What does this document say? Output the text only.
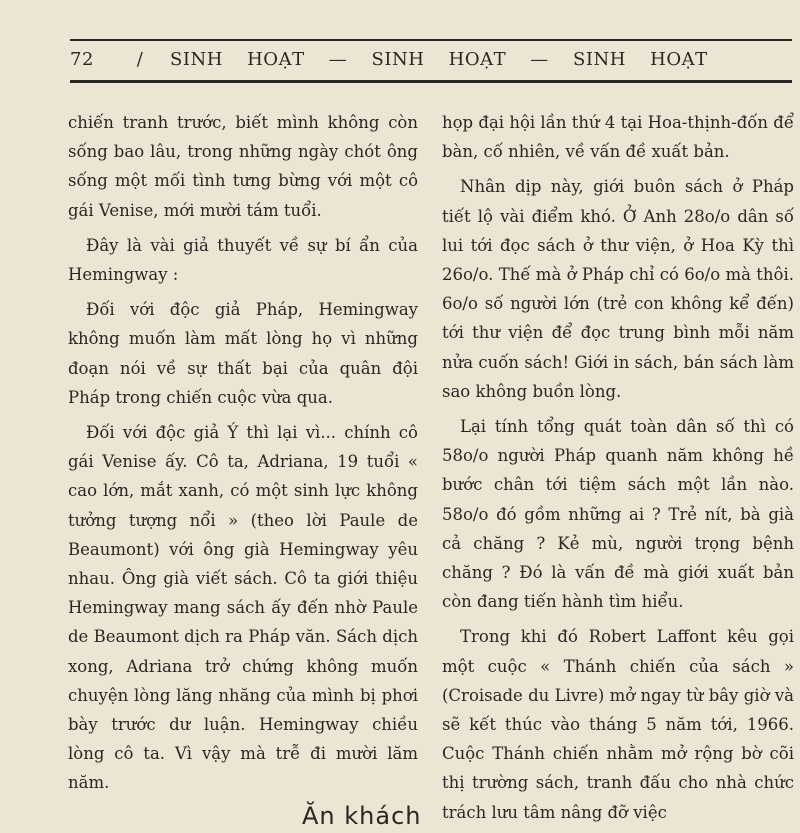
72	/	SINH HOẠT — SINH HOẠT — SINH HOẠT

chiến tranh trước, biết mình không còn sống bao lâu, trong những ngày chót ông sống một mối tình tưng bừng với một cô gái Venise, mới mười tám tuổi.

Đây là vài giả thuyết về sự bí ẩn của Hemingway :

Đối với độc giả Pháp, Hemingway không muốn làm mất lòng họ vì những đoạn nói về sự thất bại của quân đội Pháp trong chiến cuộc vừa qua.

Đối với độc giả Ý thì lại vì... chính cô gái Venise ấy. Cô ta, Adriana, 19 tuổi « cao lớn, mắt xanh, có một sinh lực không tưởng tượng nổi » (theo lời Paule de Beaumont) với ông già Hemingway yêu nhau. Ông già viết sách. Cô ta giới thiệu Hemingway mang sách ấy đến nhờ Paule de Beaumont dịch ra Pháp văn. Sách dịch xong, Adriana trở chứng không muốn chuyện lòng lăng nhăng của mình bị phơi bày trước dư luận. Hemingway chiều lòng cô ta. Vì vậy mà trễ đi mười lăm năm.

họp đại hội lần thứ 4 tại Hoa-thịnh-đốn để bàn, cố nhiên, về vấn đề xuất bản.

Nhân dịp này, giới buôn sách ở Pháp tiết lộ vài điểm khó. Ở Anh 28o/o dân số lui tới đọc sách ở thư viện, ở Hoa Kỳ thì 26o/o. Thế mà ở Pháp chỉ có 6o/o mà thôi. 6o/o số người lớn (trẻ con không kể đến) tới thư viện để đọc trung bình mỗi năm nửa cuốn sách! Giới in sách, bán sách làm sao không buồn lòng.

Lại tính tổng quát toàn dân số thì có 58o/o người Pháp quanh năm không hề bước chân tới tiệm sách một lần nào. 58o/o đó gồm những ai ? Trẻ nít, bà già cả chăng ? Kẻ mù, người trọng bệnh chăng ? Đó là vấn đề mà giới xuất bản còn đang tiến hành tìm hiểu.

Trong khi đó Robert Laffont kêu gọi một cuộc « Thánh chiến của sách » (Croisade du Livre) mở ngay từ bây giờ và sẽ kết thúc vào tháng 5 năm tới, 1966. Cuộc Thánh chiến nhằm mở rộng bờ cõi thị trường sách, tranh đấu cho nhà chức trách lưu tâm nâng đỡ việc

Ăn khách
